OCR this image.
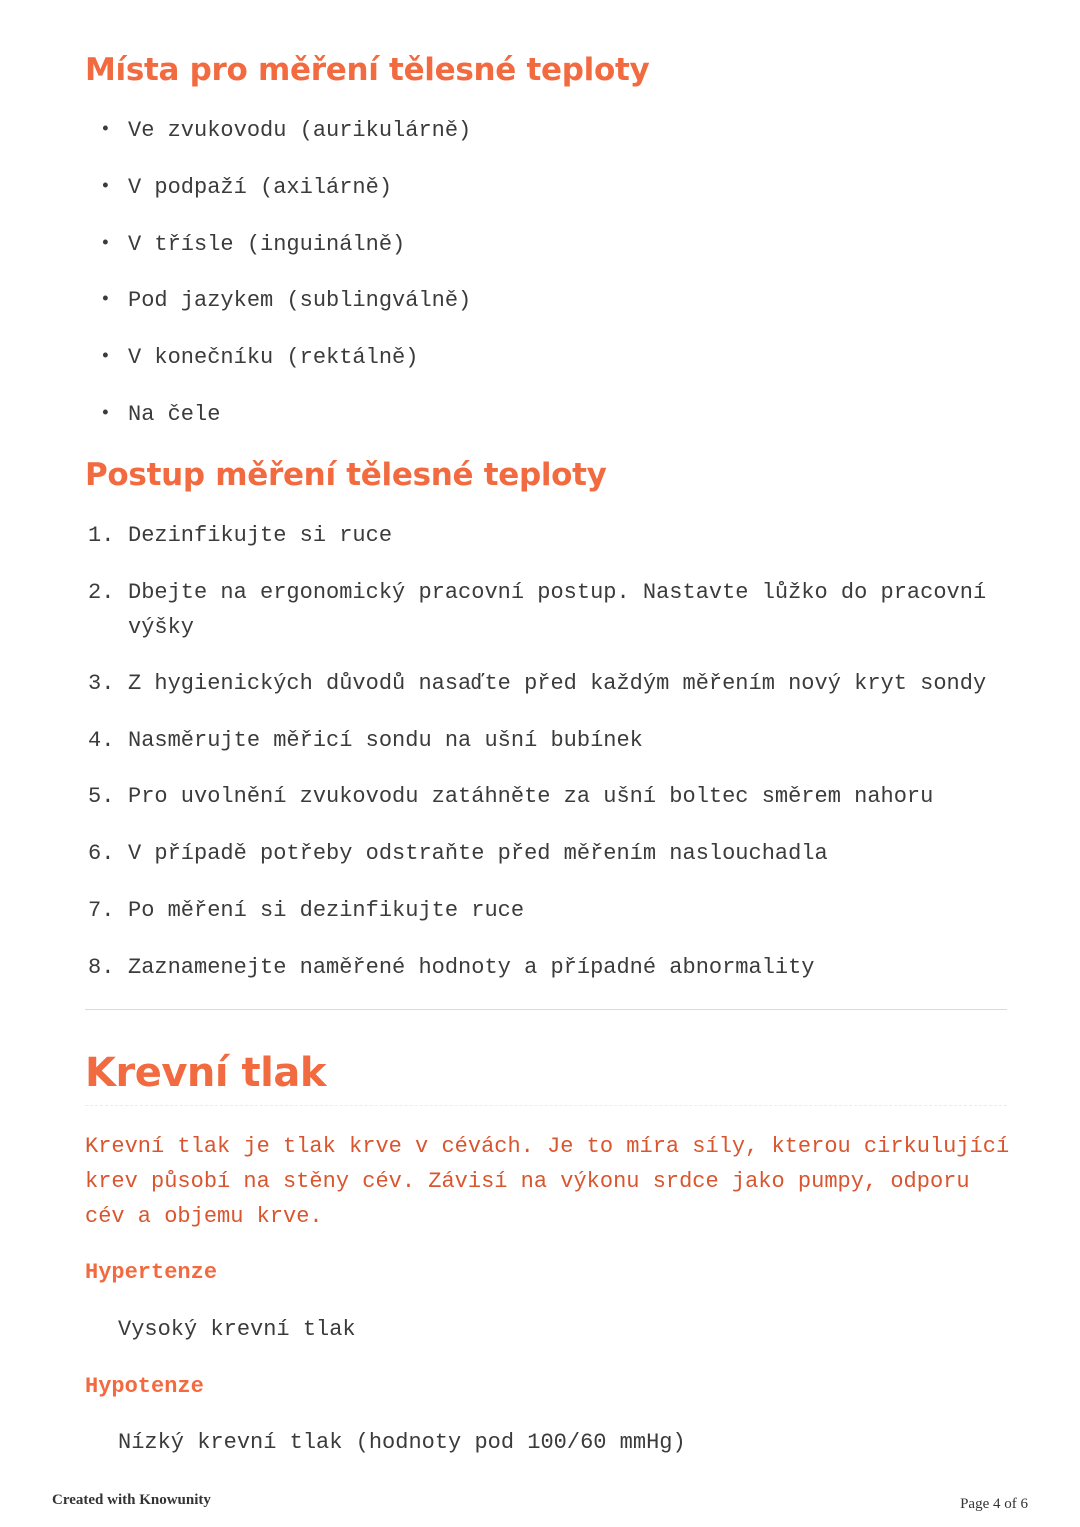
Místa pro měření tělesné teploty
• Ve zvukovodu (aurikulárně)
• V podpaží (axilárně)
• V třísle (inguinálně)
• Pod jazykem (sublingválně)
• V konečníku (rektálně)
• Na čele
Postup měření tělesné teploty
1. Dezinfikujte si ruce
2. Dbejte na ergonomický pracovní postup. Nastavte lůžko do pracovní výšky
3. Z hygienických důvodů nasaďte před každým měřením nový kryt sondy
4. Nasměrujte měřicí sondu na ušní bubínek
5. Pro uvolnění zvukovodu zatáhněte za ušní boltec směrem nahoru
6. V případě potřeby odstraňte před měřením naslouchadla
7. Po měření si dezinfikujte ruce
8. Zaznamenejte naměřené hodnoty a případné abnormality
Krevní tlak
Krevní tlak je tlak krve v cévách. Je to míra síly, kterou cirkulující krev působí na stěny cév. Závisí na výkonu srdce jako pumpy, odporu cév a objemu krve.
Hypertenze
Vysoký krevní tlak
Hypotenze
Nízký krevní tlak (hodnoty pod 100/60 mmHg)
Created with Knowunity	Page 4 of 6
